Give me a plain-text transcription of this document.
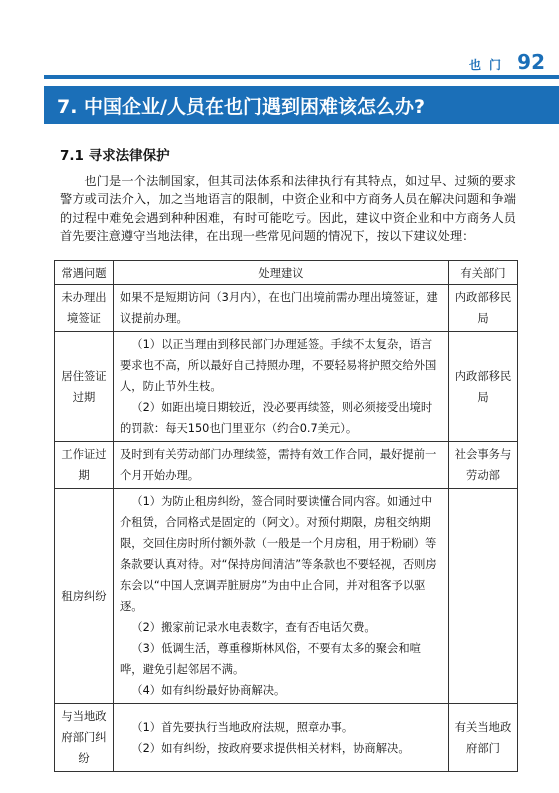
也门 92
7. 中国企业/人员在也门遇到困难该怎么办?
7.1 寻求法律保护

也门是一个法制国家，但其司法体系和法律执行有其特点，如过早、过频的要求警方或司法介入，加之当地语言的限制，中资企业和中方商务人员在解决问题和争端的过程中难免会遇到种种困难，有时可能吃亏。因此，建议中资企业和中方商务人员首先要注意遵守当地法律，在出现一些常见问题的情况下，按以下建议处理：

常遇问题	处理建议	有关部门
未办理出境签证	如果不是短期访问（3月内），在也门出境前需办理出境签证，建议提前办理。	内政部移民局
居住签证过期	（1）以正当理由到移民部门办理延签。手续不太复杂，语言要求也不高，所以最好自己持照办理，不要轻易将护照交给外国人，防止节外生枝。
（2）如距出境日期较近，没必要再续签，则必须接受出境时的罚款：每天150也门里亚尔（约合0.7美元）。	内政部移民局
工作证过期	及时到有关劳动部门办理续签，需持有效工作合同，最好提前一个月开始办理。	社会事务与劳动部
租房纠纷	（1）为防止租房纠纷，签合同时要读懂合同内容。如通过中介租赁，合同格式是固定的（阿文）。对预付期限，房租交纳期限，交回住房时所付额外款（一般是一个月房租，用于粉刷）等条款要认真对待。对“保持房间清洁”等条款也不要轻视，否则房东会以“中国人烹调弄脏厨房”为由中止合同，并对租客予以驱逐。
（2）搬家前记录水电表数字，查有否电话欠费。
（3）低调生活，尊重穆斯林风俗，不要有太多的聚会和喧哗，避免引起邻居不满。
（4）如有纠纷最好协商解决。	

与当地政府部门纠纷	（1）首先要执行当地政府法规，照章办事。
（2）如有纠纷，按政府要求提供相关材料，协商解决。	有关当地政府部门
